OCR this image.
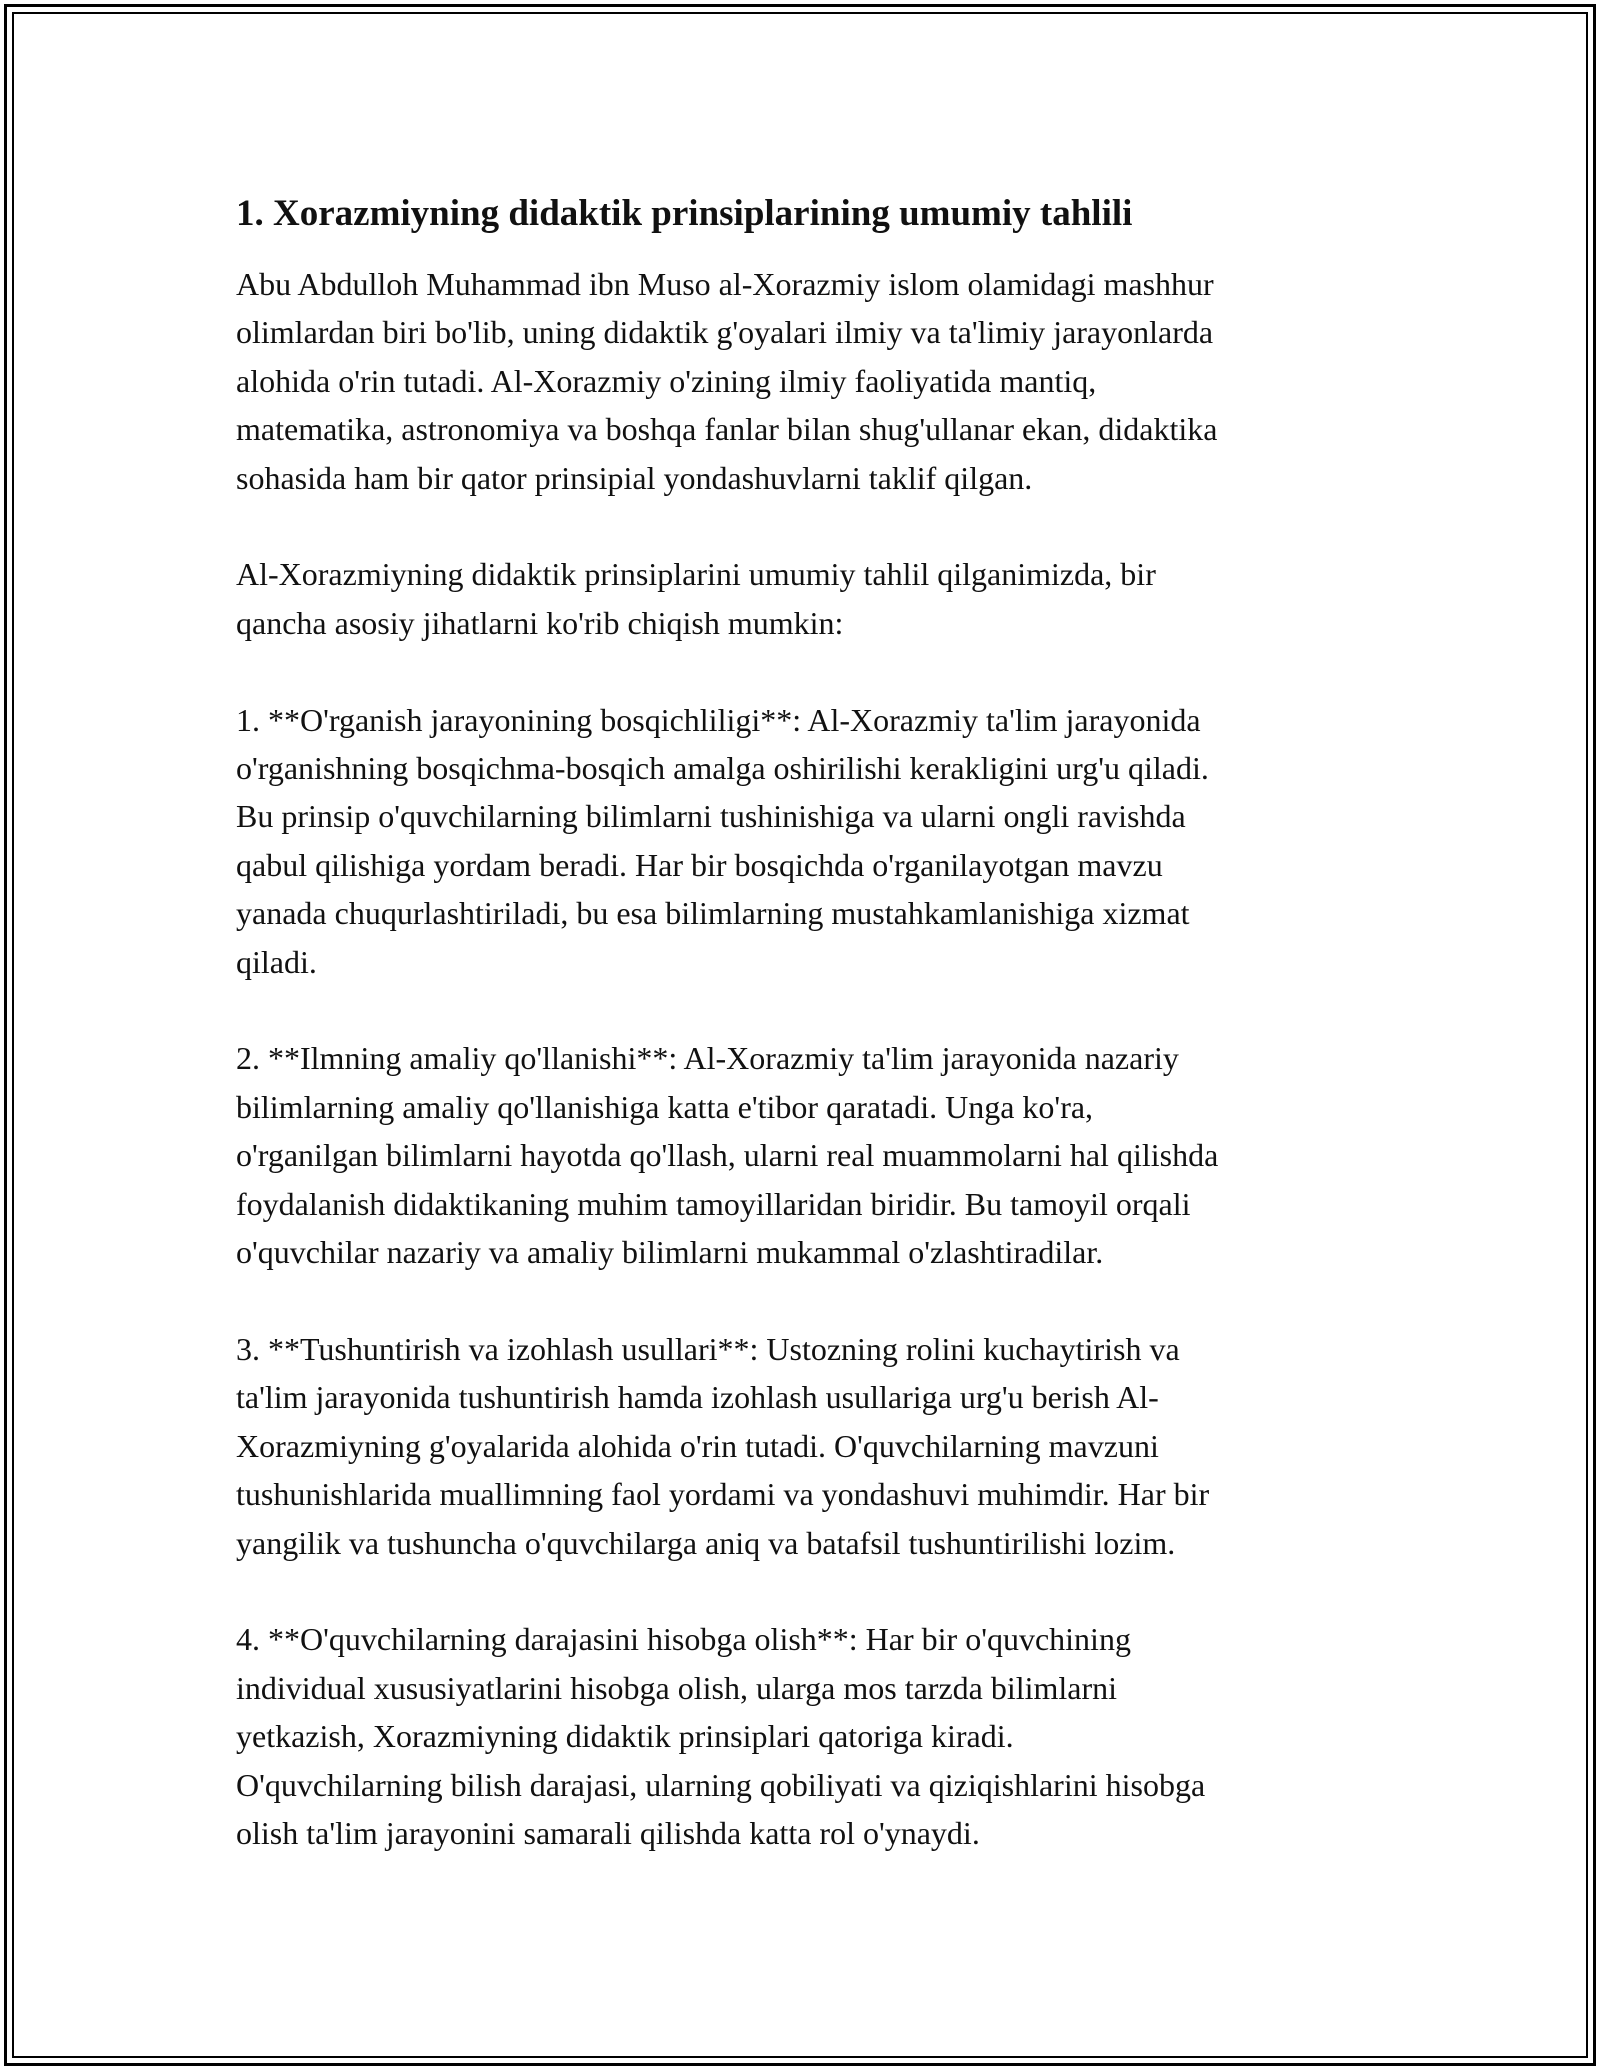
1. Xorazmiyning didaktik prinsiplarining umumiy tahlili

Abu Abdulloh Muhammad ibn Muso al-Xorazmiy islom olamidagi mashhur
olimlardan biri bo'lib, uning didaktik g'oyalari ilmiy va ta'limiy jarayonlarda
alohida o'rin tutadi. Al-Xorazmiy o'zining ilmiy faoliyatida mantiq,
matematika, astronomiya va boshqa fanlar bilan shug'ullanar ekan, didaktika
sohasida ham bir qator prinsipial yondashuvlarni taklif qilgan.

Al-Xorazmiyning didaktik prinsiplarini umumiy tahlil qilganimizda, bir
qancha asosiy jihatlarni ko'rib chiqish mumkin:

1. **O'rganish jarayonining bosqichliligi**: Al-Xorazmiy ta'lim jarayonida
o'rganishning bosqichma-bosqich amalga oshirilishi kerakligini urg'u qiladi.
Bu prinsip o'quvchilarning bilimlarni tushinishiga va ularni ongli ravishda
qabul qilishiga yordam beradi. Har bir bosqichda o'rganilayotgan mavzu
yanada chuqurlashtiriladi, bu esa bilimlarning mustahkamlanishiga xizmat
qiladi.

2. **Ilmning amaliy qo'llanishi**: Al-Xorazmiy ta'lim jarayonida nazariy
bilimlarning amaliy qo'llanishiga katta e'tibor qaratadi. Unga ko'ra,
o'rganilgan bilimlarni hayotda qo'llash, ularni real muammolarni hal qilishda
foydalanish didaktikaning muhim tamoyillaridan biridir. Bu tamoyil orqali
o'quvchilar nazariy va amaliy bilimlarni mukammal o'zlashtiradilar.

3. **Tushuntirish va izohlash usullari**: Ustozning rolini kuchaytirish va
ta'lim jarayonida tushuntirish hamda izohlash usullariga urg'u berish Al-
Xorazmiyning g'oyalarida alohida o'rin tutadi. O'quvchilarning mavzuni
tushunishlarida muallimning faol yordami va yondashuvi muhimdir. Har bir
yangilik va tushuncha o'quvchilarga aniq va batafsil tushuntirilishi lozim.

4. **O'quvchilarning darajasini hisobga olish**: Har bir o'quvchining
individual xususiyatlarini hisobga olish, ularga mos tarzda bilimlarni
yetkazish, Xorazmiyning didaktik prinsiplari qatoriga kiradi.
O'quvchilarning bilish darajasi, ularning qobiliyati va qiziqishlarini hisobga
olish ta'lim jarayonini samarali qilishda katta rol o'ynaydi.
